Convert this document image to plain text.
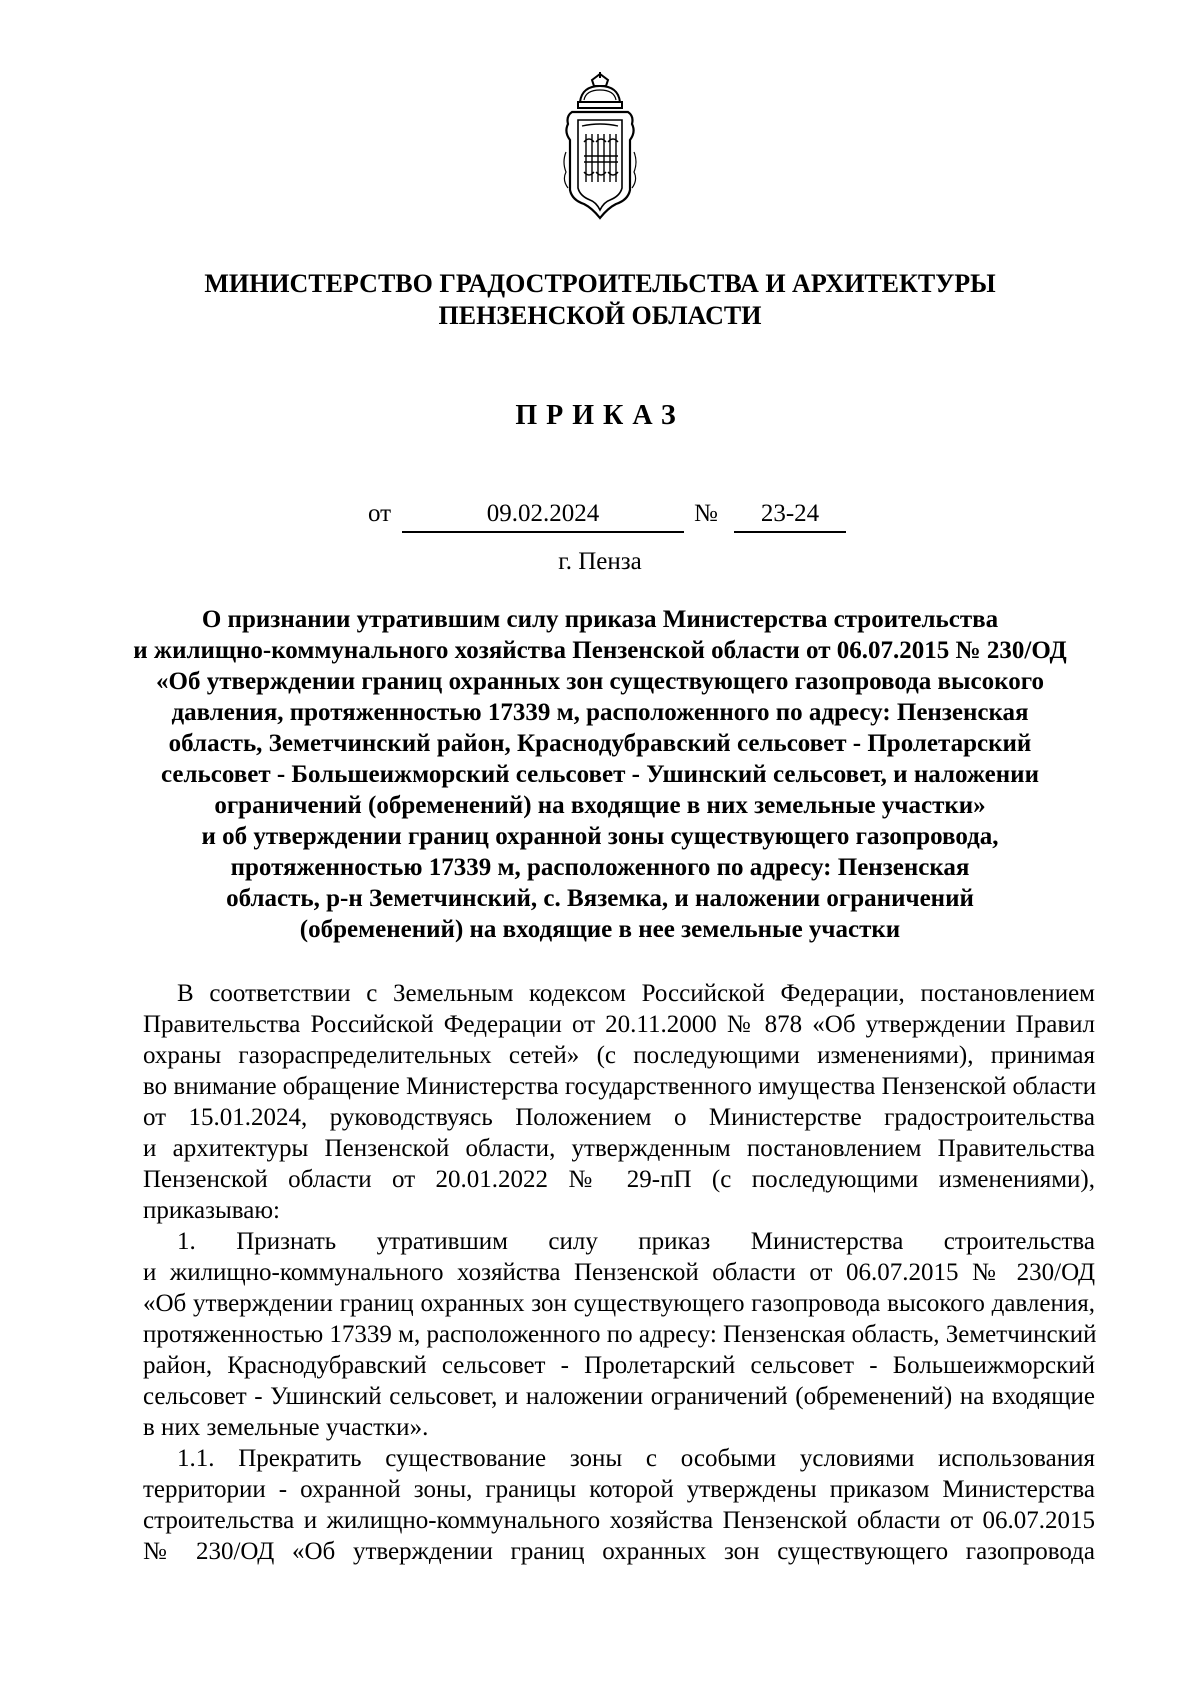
МИНИСТЕРСТВО ГРАДОСТРОИТЕЛЬСТВА И АРХИТЕКТУРЫ
ПЕНЗЕНСКОЙ ОБЛАСТИ
ПРИКАЗ
от	09.02.2024	№	23-24
г. Пенза
О признании утратившим силу приказа Министерства строительства
и жилищно-коммунального хозяйства Пензенской области от 06.07.2015 № 230/ОД
«Об утверждении границ охранных зон существующего газопровода высокого
давления, протяженностью 17339 м, расположенного по адресу: Пензенская
область, Земетчинский район, Краснодубравский сельсовет - Пролетарский
сельсовет - Большеижморский сельсовет - Ушинский сельсовет, и наложении
ограничений (обременений) на входящие в них земельные участки»
и об утверждении границ охранной зоны существующего газопровода,
протяженностью 17339 м, расположенного по адресу: Пензенская
область, р-н Земетчинский, с. Вяземка, и наложении ограничений
(обременений) на входящие в нее земельные участки
В соответствии с Земельным кодексом Российской Федерации, постановлением
Правительства Российской Федерации от 20.11.2000 № 878 «Об утверждении Правил
охраны газораспределительных сетей» (с последующими изменениями), принимая
во внимание обращение Министерства государственного имущества Пензенской области
от 15.01.2024, руководствуясь Положением о Министерстве градостроительства
и архитектуры Пензенской области, утвержденным постановлением Правительства
Пензенской области от 20.01.2022 № 29-пП (с последующими изменениями),
приказываю:
1. Признать утратившим силу приказ Министерства строительства
и жилищно-коммунального хозяйства Пензенской области от 06.07.2015 № 230/ОД
«Об утверждении границ охранных зон существующего газопровода высокого давления,
протяженностью 17339 м, расположенного по адресу: Пензенская область, Земетчинский
район, Краснодубравский сельсовет - Пролетарский сельсовет - Большеижморский
сельсовет - Ушинский сельсовет, и наложении ограничений (обременений) на входящие
в них земельные участки».
1.1. Прекратить существование зоны с особыми условиями использования
территории - охранной зоны, границы которой утверждены приказом Министерства
строительства и жилищно-коммунального хозяйства Пензенской области от 06.07.2015
№ 230/ОД «Об утверждении границ охранных зон существующего газопровода
